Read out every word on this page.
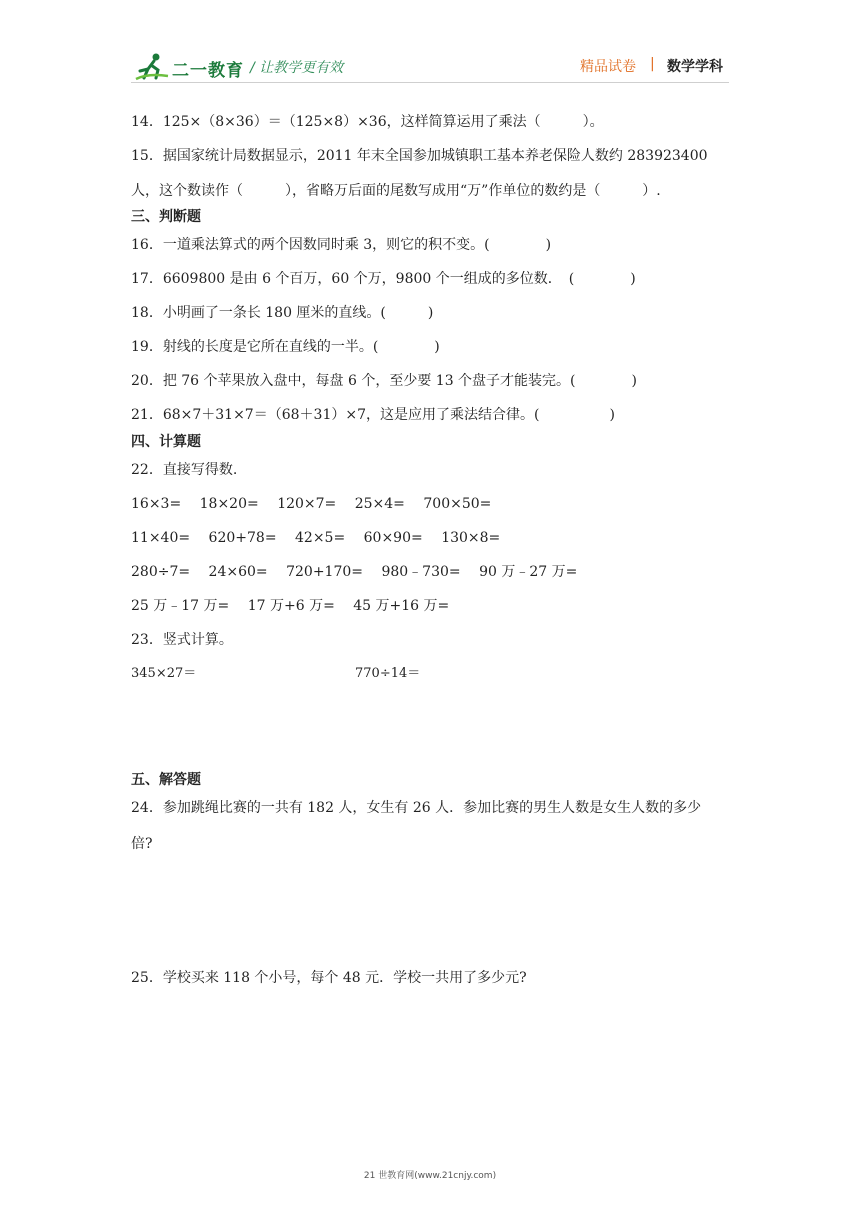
二一教育 / 让教学更有效	精品试卷 | 数学学科
14．125×（8×36）＝（125×8）×36，这样简算运用了乘法（　　　）。
15．据国家统计局数据显示，2011 年末全国参加城镇职工基本养老保险人数约 283923400
人，这个数读作（　　　），省略万后面的尾数写成用“万”作单位的数约是（　　　）.
三、判断题
16．一道乘法算式的两个因数同时乘 3，则它的积不变。(　　　　)
17．6609800 是由 6 个百万，60 个万，9800 个一组成的多位数．　(　　　　)
18．小明画了一条长 180 厘米的直线。(　　　)
19．射线的长度是它所在直线的一半。(　　　　)
20．把 76 个苹果放入盘中，每盘 6 个，至少要 13 个盘子才能装完。(　　　　)
21．68×7＋31×7＝（68＋31）×7，这是应用了乘法结合律。(　　　　　)
四、计算题
22．直接写得数.
16×3= 18×20= 120×7= 25×4= 700×50=
11×40= 620+78= 42×5= 60×90= 130×8=
280÷7= 24×60= 720+170= 980﹣730= 90 万﹣27 万=
25 万﹣17 万= 17 万+6 万= 45 万+16 万=
23．竖式计算。
345×27＝	770÷14＝
五、解答题
24．参加跳绳比赛的一共有 182 人，女生有 26 人．参加比赛的男生人数是女生人数的多少
倍?
25．学校买来 118 个小号，每个 48 元．学校一共用了多少元?
21 世教育网(www.21cnjy.com)
